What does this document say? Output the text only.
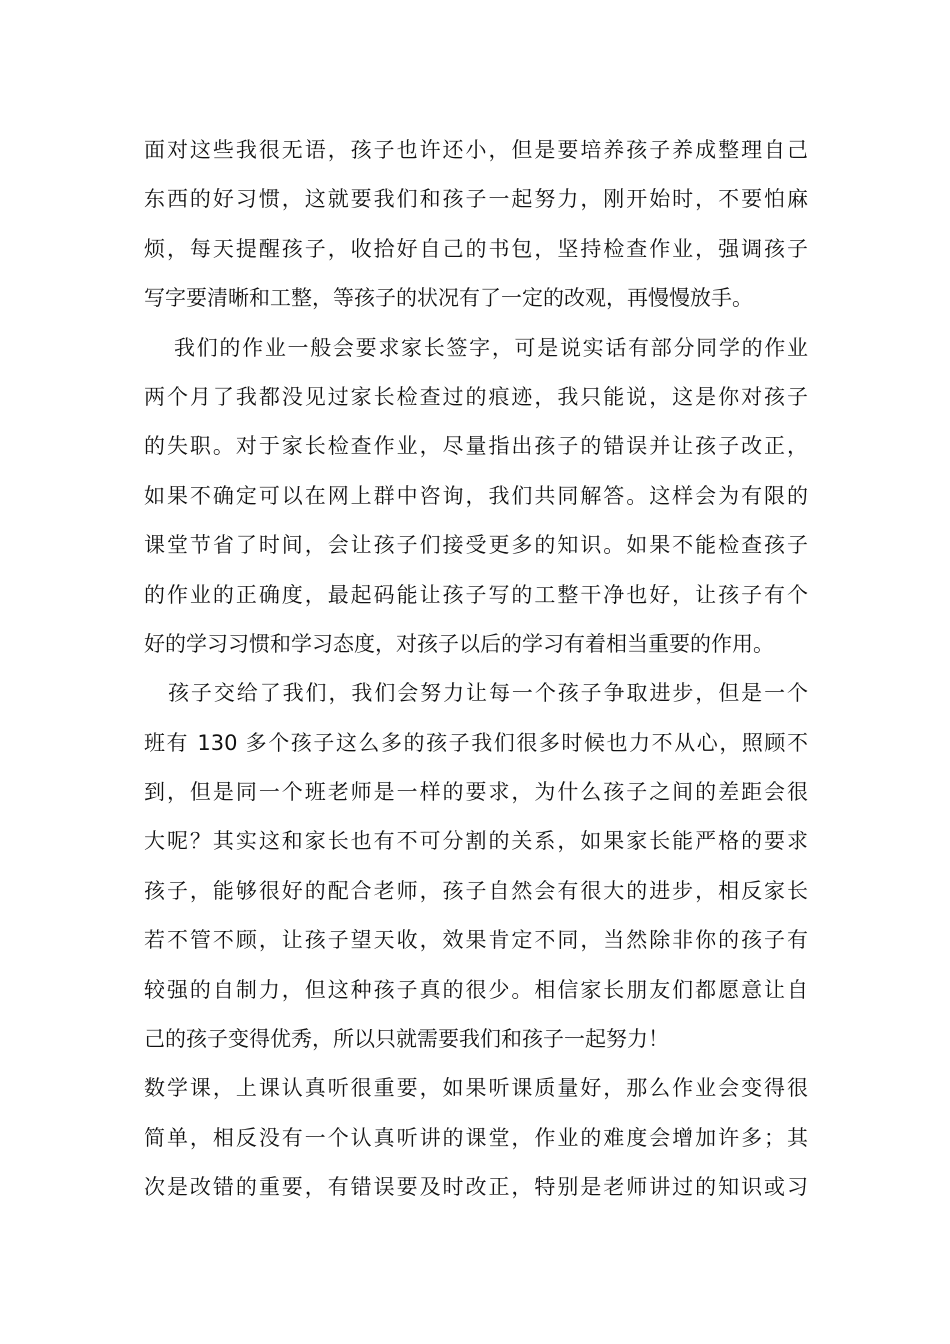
面对这些我很无语，孩子也许还小，但是要培养孩子养成整理自己
东西的好习惯，这就要我们和孩子一起努力，刚开始时，不要怕麻
烦，每天提醒孩子，收拾好自己的书包，坚持检查作业，强调孩子
写字要清晰和工整，等孩子的状况有了一定的改观，再慢慢放手。
我们的作业一般会要求家长签字，可是说实话有部分同学的作业
两个月了我都没见过家长检查过的痕迹，我只能说，这是你对孩子
的失职。对于家长检查作业，尽量指出孩子的错误并让孩子改正，
如果不确定可以在网上群中咨询，我们共同解答。这样会为有限的
课堂节省了时间，会让孩子们接受更多的知识。如果不能检查孩子
的作业的正确度，最起码能让孩子写的工整干净也好，让孩子有个
好的学习习惯和学习态度，对孩子以后的学习有着相当重要的作用。
孩子交给了我们，我们会努力让每一个孩子争取进步，但是一个
班有 130 多个孩子这么多的孩子我们很多时候也力不从心，照顾不
到，但是同一个班老师是一样的要求，为什么孩子之间的差距会很
大呢？其实这和家长也有不可分割的关系，如果家长能严格的要求
孩子，能够很好的配合老师，孩子自然会有很大的进步，相反家长
若不管不顾，让孩子望天收，效果肯定不同，当然除非你的孩子有
较强的自制力，但这种孩子真的很少。相信家长朋友们都愿意让自
己的孩子变得优秀，所以只就需要我们和孩子一起努力！
数学课，上课认真听很重要，如果听课质量好，那么作业会变得很
简单，相反没有一个认真听讲的课堂，作业的难度会增加许多；其
次是改错的重要，有错误要及时改正，特别是老师讲过的知识或习
